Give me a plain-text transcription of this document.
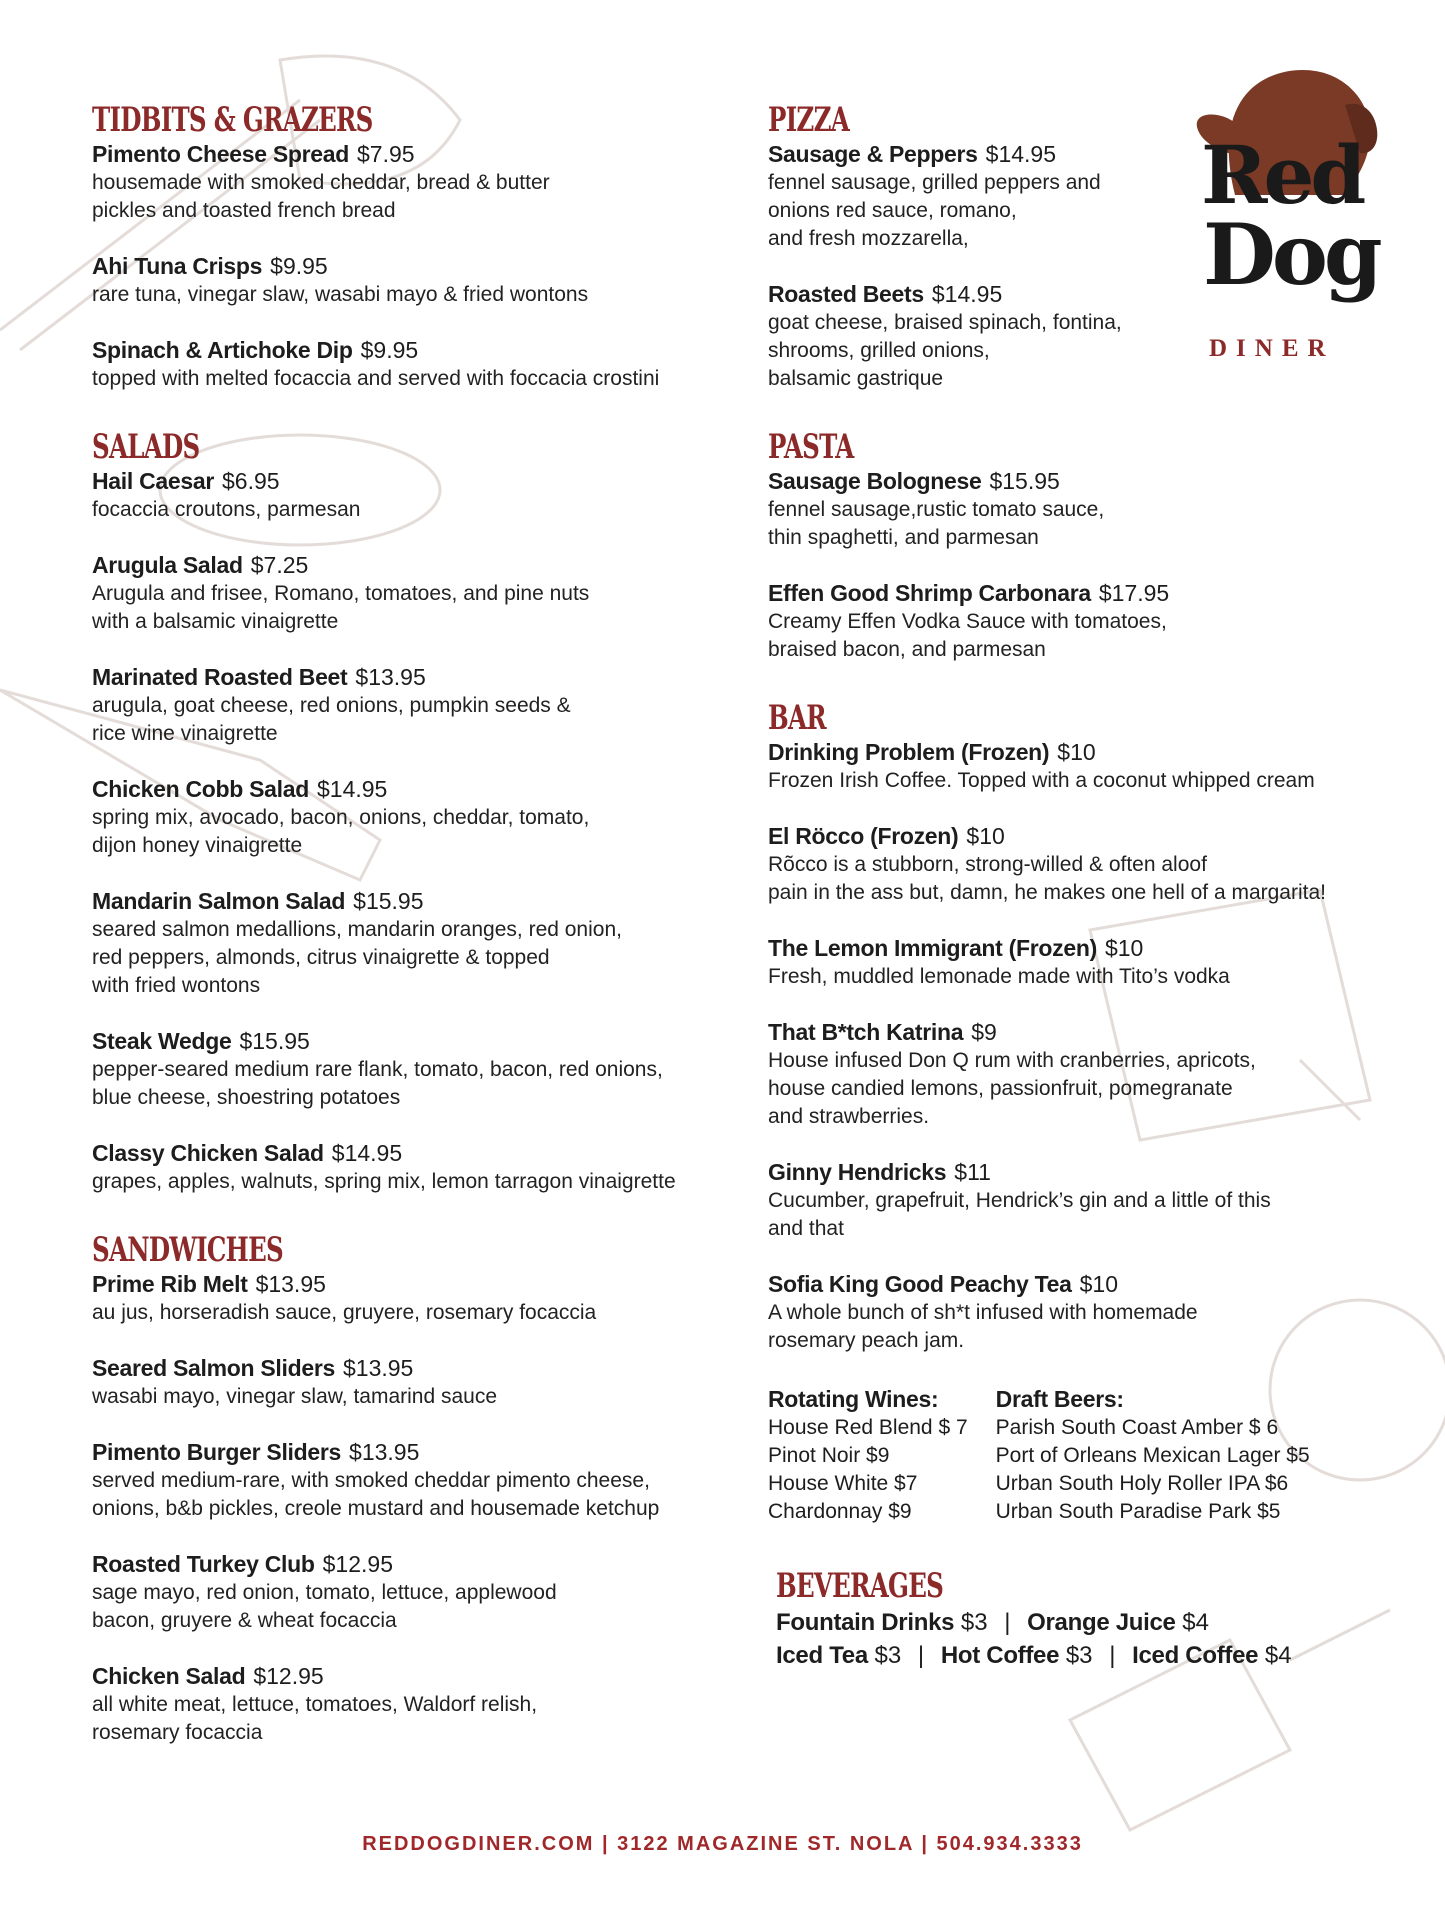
Red
Dog
DINER
TIDBITS & GRAZERS
Pimento Cheese Spread $7.95
housemade with smoked cheddar, bread & butter
pickles and toasted french bread
Ahi Tuna Crisps $9.95
rare tuna, vinegar slaw, wasabi mayo & fried wontons
Spinach & Artichoke Dip $9.95
topped with melted focaccia and served with foccacia crostini
SALADS
Hail Caesar $6.95
focaccia croutons, parmesan
Arugula Salad $7.25
Arugula and frisee, Romano, tomatoes, and pine nuts
with a balsamic vinaigrette
Marinated Roasted Beet $13.95
arugula, goat cheese, red onions, pumpkin seeds &
rice wine vinaigrette
Chicken Cobb Salad $14.95
spring mix, avocado, bacon, onions, cheddar, tomato,
dijon honey vinaigrette
Mandarin Salmon Salad $15.95
seared salmon medallions, mandarin oranges, red onion,
red peppers, almonds, citrus vinaigrette & topped
with fried wontons
Steak Wedge $15.95
pepper-seared medium rare flank, tomato, bacon, red onions,
blue cheese, shoestring potatoes
Classy Chicken Salad $14.95
grapes, apples, walnuts, spring mix, lemon tarragon vinaigrette
SANDWICHES
Prime Rib Melt $13.95
au jus, horseradish sauce, gruyere, rosemary focaccia
Seared Salmon Sliders $13.95
wasabi mayo, vinegar slaw, tamarind sauce
Pimento Burger Sliders $13.95
served medium-rare, with smoked cheddar pimento cheese,
onions, b&b pickles, creole mustard and housemade ketchup
Roasted Turkey Club $12.95
sage mayo, red onion, tomato, lettuce, applewood
bacon, gruyere & wheat focaccia
Chicken Salad $12.95
all white meat, lettuce, tomatoes, Waldorf relish,
rosemary focaccia
PIZZA
Sausage & Peppers $14.95
fennel sausage, grilled peppers and
onions red sauce, romano,
and fresh mozzarella,
Roasted Beets $14.95
goat cheese, braised spinach, fontina,
shrooms, grilled onions,
balsamic gastrique
PASTA
Sausage Bolognese $15.95
fennel sausage,rustic tomato sauce,
thin spaghetti, and parmesan
Effen Good Shrimp Carbonara $17.95
Creamy Effen Vodka Sauce with tomatoes,
braised bacon, and parmesan
BAR
Drinking Problem (Frozen) $10
Frozen Irish Coffee. Topped with a coconut whipped cream
El Röcco (Frozen) $10
Rõcco is a stubborn, strong-willed & often aloof
pain in the ass but, damn, he makes one hell of a margarita!
The Lemon Immigrant (Frozen) $10
Fresh, muddled lemonade made with Tito’s vodka
That B*tch Katrina $9
House infused Don Q rum with cranberries, apricots,
house candied lemons, passionfruit, pomegranate
and strawberries.
Ginny Hendricks $11
Cucumber, grapefruit, Hendrick’s gin and a little of this
and that
Sofia King Good Peachy Tea $10
A whole bunch of sh*t infused with homemade
rosemary peach jam.
Rotating Wines:
House Red Blend $ 7
Pinot Noir $9
House White $7
Chardonnay $9
Draft Beers:
Parish South Coast Amber $ 6
Port of Orleans Mexican Lager $5
Urban South Holy Roller IPA $6
Urban South Paradise Park $5
BEVERAGES
Fountain Drinks $3 | Orange Juice $4
Iced Tea $3 | Hot Coffee $3 | Iced Coffee $4
REDDOGDINER.COM | 3122 MAGAZINE ST. NOLA | 504.934.3333
